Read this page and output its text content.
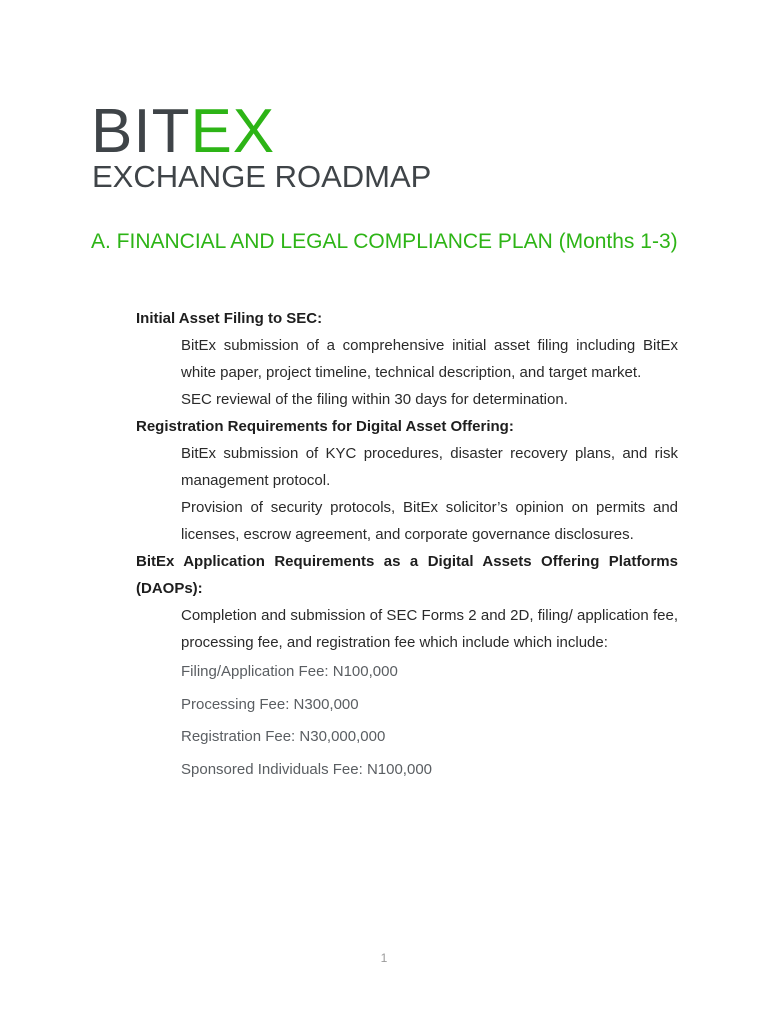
BITEX
EXCHANGE ROADMAP
A. FINANCIAL AND LEGAL COMPLIANCE PLAN (Months 1-3)

Initial Asset Filing to SEC:

BitEx submission of a comprehensive initial asset filing including BitEx white paper, project timeline, technical description, and target market.

SEC reviewal of the filing within 30 days for determination.

Registration Requirements for Digital Asset Offering:

BitEx submission of KYC procedures, disaster recovery plans, and risk management protocol.

Provision of security protocols, BitEx solicitor’s opinion on permits and licenses, escrow agreement, and corporate governance disclosures.

BitEx Application Requirements as a Digital Assets Offering Platforms (DAOPs):

Completion and submission of SEC Forms 2 and 2D, filing/ application fee, processing fee, and registration fee which include which include:

Filing/Application Fee: N100,000
Processing Fee: N300,000
Registration Fee: N30,000,000
Sponsored Individuals Fee: N100,000
1
